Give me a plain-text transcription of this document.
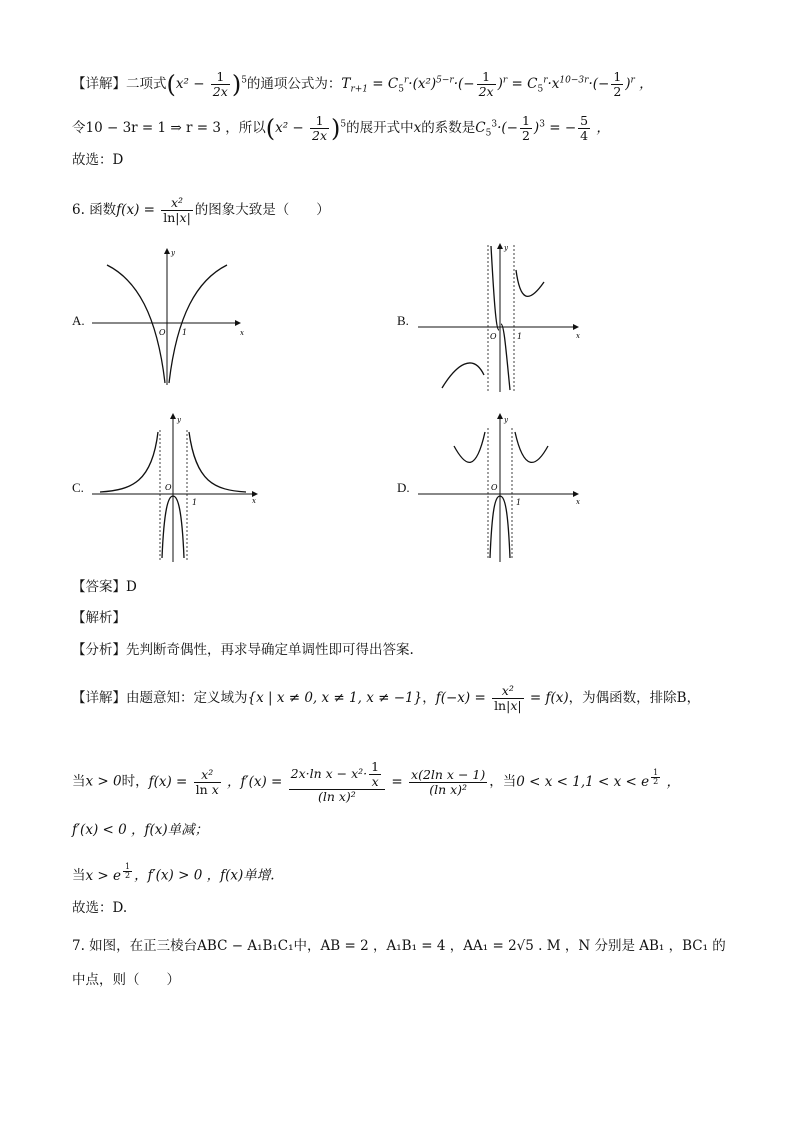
【详解】二项式$(x^2 - \frac{1}{2x} )^5$的通项公式为：$T_{r+1} = C_5^r\cdot(x^2)^{5-r}\cdot(- \frac{1}{2x} )^r = C_5^r\cdot x^{10-3r}\cdot(- \frac{1}{2} )^r$ ，
令10 − 3r = 1 ⇒ r = 3 ，所以$(x^2 - \frac{1}{2x} )^5$的展开式中x的系数是$C_5^3\cdot(- \frac{1}{2} )^3$ = − $\frac{5}{4}$ ，
故选：D
6. 函数$f(x) = \frac{\text{x²}}{\ln|x|}$ 的图象大致是（　　）
A.	B.
C.	D.
O 1	x
y
O	1	x
y
O
1	x
y
O
1	x
y
【答案】D
【解析】
【分析】先判断奇偶性，再求导确定单调性即可得出答案.
【详解】由题意知：定义域为{x | x ≠ 0, x ≠ 1, x ≠ −1}，$f(-x) = \frac{\text{x²}}{\ln|x|} = f(x)$，为偶函数，排除B，
当x > 0时，$f(x) = \frac{\text{x²}}{\text{ln x}}$ ，$f'(x) = \frac{2x\cdot\ln x - x^2\cdot \frac{1}{x}}{\text{(ln x)²}} = \frac{\text{x(2ln x − 1)}}{\text{(ln x)²}}$ ，当0 < x < 1,1 < x < e $^{\frac{1}{2}}$ ，
f′(x) < 0 ，f(x)单减；
当x > e $^{\frac{1}{2}}$ ，f′(x) > 0 ，f(x)单增.
故选：D.
7. 如图，在正三棱台ABC − A₁B₁C₁中，AB = 2 ，A₁B₁ = 4 ，AA₁ = 2√5 . M ，N 分别是 AB₁ ，BC₁ 的
中点，则（　　）
